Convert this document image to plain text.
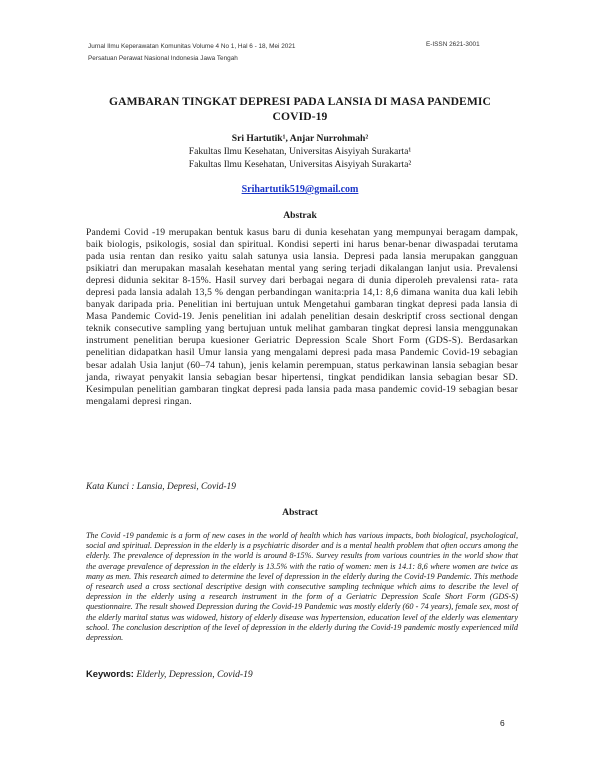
Jurnal Ilmu Keperawatan Komunitas Volume 4 No 1, Hal 6 - 18, Mei 2021
Persatuan Perawat Nasional Indonesia Jawa Tengah
E-ISSN 2621-3001
GAMBARAN TINGKAT DEPRESI PADA LANSIA DI MASA PANDEMIC
COVID-19
Sri Hartutik¹, Anjar Nurrohmah²
Fakultas Ilmu Kesehatan, Universitas Aisyiyah Surakarta¹
Fakultas Ilmu Kesehatan, Universitas Aisyiyah Surakarta²
Srihartutik519@gmail.com
Abstrak
Pandemi Covid -19 merupakan bentuk kasus baru di dunia kesehatan yang mempunyai beragam dampak, baik biologis, psikologis, sosial dan spiritual. Kondisi seperti ini harus benar-benar diwaspadai terutama pada usia rentan dan resiko yaitu salah satunya usia lansia. Depresi pada lansia merupakan gangguan psikiatri dan merupakan masalah kesehatan mental yang sering terjadi dikalangan lanjut usia. Prevalensi depresi didunia sekitar 8-15%. Hasil survey dari berbagai negara di dunia diperoleh prevalensi rata- rata depresi pada lansia adalah 13,5 % dengan perbandingan wanita:pria 14,1: 8,6 dimana wanita dua kali lebih banyak daripada pria. Penelitian ini bertujuan untuk Mengetahui gambaran tingkat depresi pada lansia di Masa Pandemic Covid-19. Jenis penelitian ini adalah penelitian desain deskriptif cross sectional dengan teknik consecutive sampling yang bertujuan untuk melihat gambaran tingkat depresi lansia menggunakan instrument penelitian berupa kuesioner Geriatric Depression Scale Short Form (GDS-S). Berdasarkan penelitian didapatkan hasil Umur lansia yang mengalami depresi pada masa Pandemic Covid-19 sebagian besar adalah Usia lanjut (60–74 tahun), jenis kelamin perempuan, status perkawinan lansia sebagian besar janda, riwayat penyakit lansia sebagian besar hipertensi, tingkat pendidikan lansia sebagian besar SD. Kesimpulan penelitian gambaran tingkat depresi pada lansia pada masa pandemic covid-19 sebagian besar mengalami depresi ringan.
Kata Kunci : Lansia, Depresi, Covid-19
Abstract
The Covid -19 pandemic is a form of new cases in the world of health which has various impacts, both biological, psychological, social and spiritual. Depression in the elderly is a psychiatric disorder and is a mental health problem that often occurs among the elderly. The prevalence of depression in the world is around 8-15%. Survey results from various countries in the world show that the average prevalence of depression in the elderly is 13.5% with the ratio of women: men is 14.1: 8,6 where women are twice as many as men. This research aimed to determine the level of depression in the elderly during the Covid-19 Pandemic. This methode of research used a cross sectional descriptive design with consecutive sampling technique which aims to describe the level of depression in the elderly using a research instrument in the form of a Geriatric Depression Scale Short Form (GDS-S) questionnaire. The result showed Depression during the Covid-19 Pandemic was mostly elderly (60 - 74 years), female sex, most of the elderly marital status was widowed, history of elderly disease was hypertension, education level of the elderly was elementary school. The conclusion description of the level of depression in the elderly during the Covid-19 pandemic mostly experienced mild depression.
Keywords: Elderly, Depression, Covid-19
6
